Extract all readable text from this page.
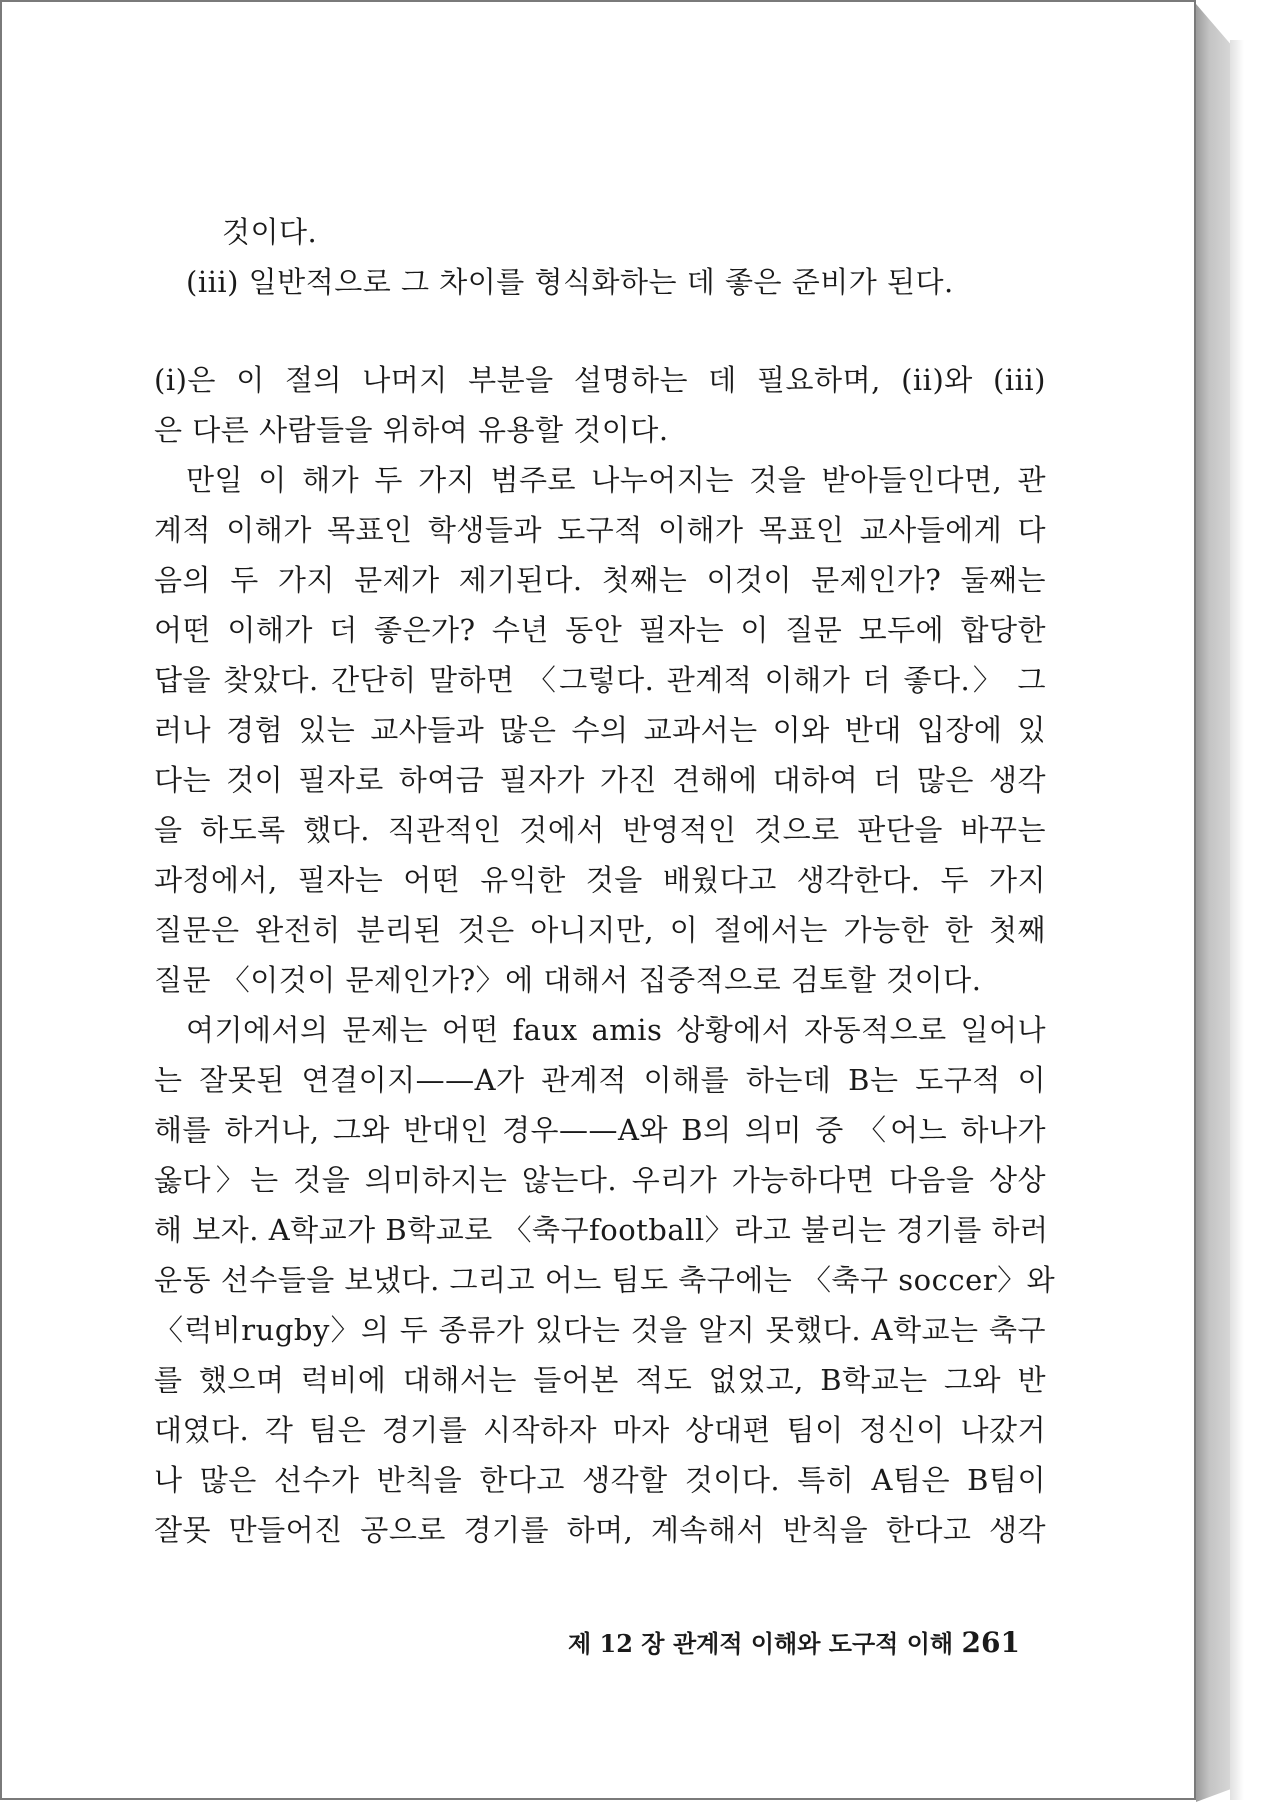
것이다.
(iii) 일반적으로 그 차이를 형식화하는 데 좋은 준비가 된다.
(i)은 이 절의 나머지 부분을 설명하는 데 필요하며, (ii)와 (iii)
은 다른 사람들을 위하여 유용할 것이다.
만일 이 해가 두 가지 범주로 나누어지는 것을 받아들인다면, 관
계적 이해가 목표인 학생들과 도구적 이해가 목표인 교사들에게 다
음의 두 가지 문제가 제기된다. 첫째는 이것이 문제인가? 둘째는
어떤 이해가 더 좋은가? 수년 동안 필자는 이 질문 모두에 합당한
답을 찾았다. 간단히 말하면 〈그렇다. 관계적 이해가 더 좋다.〉 그
러나 경험 있는 교사들과 많은 수의 교과서는 이와 반대 입장에 있
다는 것이 필자로 하여금 필자가 가진 견해에 대하여 더 많은 생각
을 하도록 했다. 직관적인 것에서 반영적인 것으로 판단을 바꾸는
과정에서, 필자는 어떤 유익한 것을 배웠다고 생각한다. 두 가지
질문은 완전히 분리된 것은 아니지만, 이 절에서는 가능한 한 첫째
질문 〈이것이 문제인가?〉에 대해서 집중적으로 검토할 것이다.
여기에서의 문제는 어떤 faux amis 상황에서 자동적으로 일어나
는 잘못된 연결이지——A가 관계적 이해를 하는데 B는 도구적 이
해를 하거나, 그와 반대인 경우——A와 B의 의미 중 〈어느 하나가
옳다〉는 것을 의미하지는 않는다. 우리가 가능하다면 다음을 상상
해 보자. A학교가 B학교로 〈축구football〉라고 불리는 경기를 하러
운동 선수들을 보냈다. 그리고 어느 팀도 축구에는 〈축구 soccer〉와
〈럭비rugby〉의 두 종류가 있다는 것을 알지 못했다. A학교는 축구
를 했으며 럭비에 대해서는 들어본 적도 없었고, B학교는 그와 반
대였다. 각 팀은 경기를 시작하자 마자 상대편 팀이 정신이 나갔거
나 많은 선수가 반칙을 한다고 생각할 것이다. 특히 A팀은 B팀이
잘못 만들어진 공으로 경기를 하며, 계속해서 반칙을 한다고 생각
제 12 장 관계적 이해와 도구적 이해 261
